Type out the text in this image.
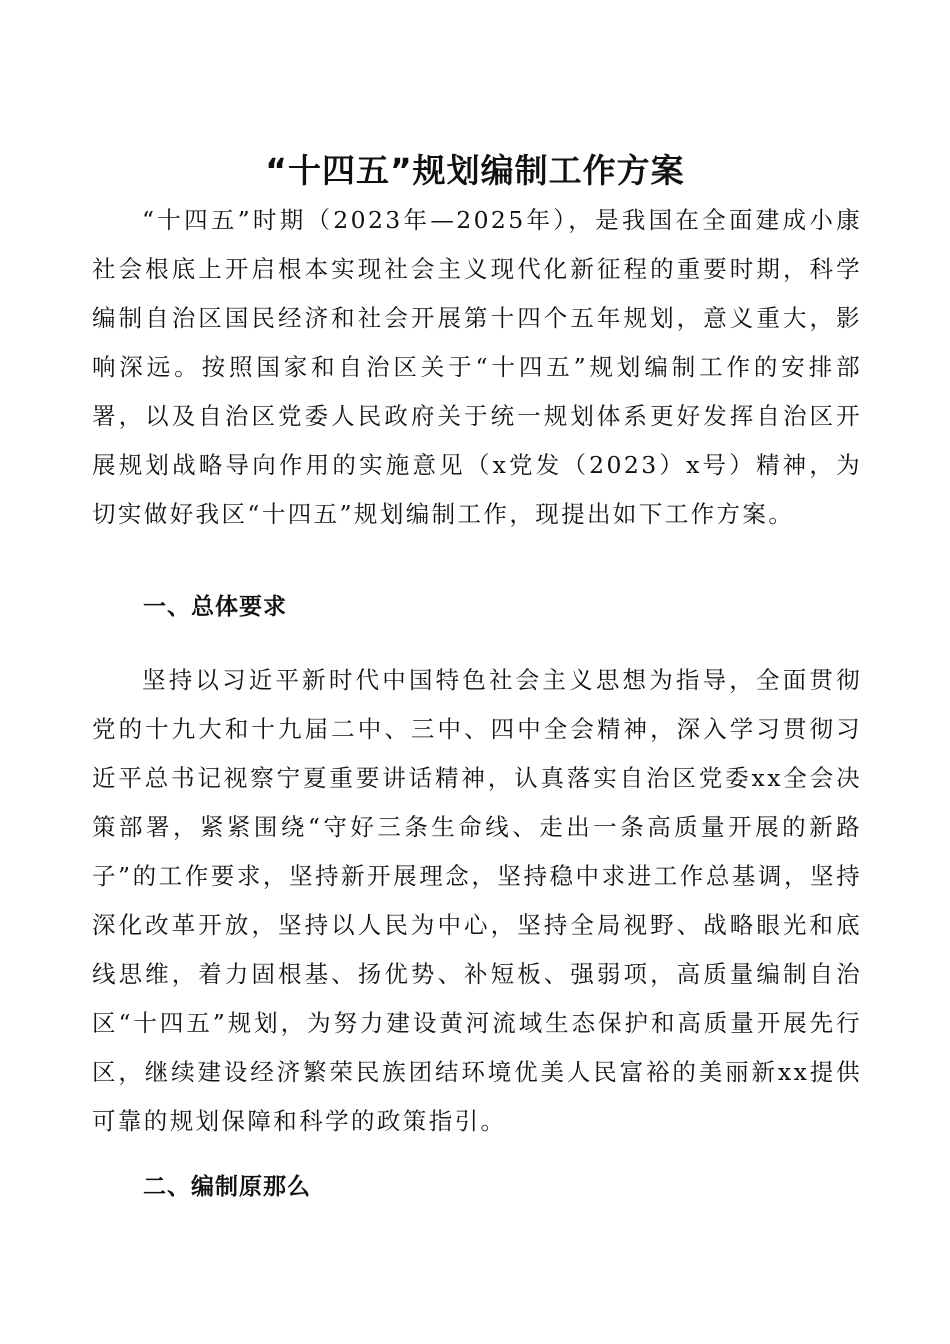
“十四五”规划编制工作方案

“十四五”时期（2023年—2025年），是我国在全面建成小康社会根底上开启根本实现社会主义现代化新征程的重要时期，科学编制自治区国民经济和社会开展第十四个五年规划，意义重大，影响深远。按照国家和自治区关于“十四五”规划编制工作的安排部署，以及自治区党委人民政府关于统一规划体系更好发挥自治区开展规划战略导向作用的实施意见（x党发（2023）x号）精神，为切实做好我区“十四五”规划编制工作，现提出如下工作方案。

一、总体要求

坚持以习近平新时代中国特色社会主义思想为指导，全面贯彻党的十九大和十九届二中、三中、四中全会精神，深入学习贯彻习近平总书记视察宁夏重要讲话精神，认真落实自治区党委xx全会决策部署，紧紧围绕“守好三条生命线、走出一条高质量开展的新路子”的工作要求，坚持新开展理念，坚持稳中求进工作总基调，坚持深化改革开放，坚持以人民为中心，坚持全局视野、战略眼光和底线思维，着力固根基、扬优势、补短板、强弱项，高质量编制自治区“十四五”规划，为努力建设黄河流域生态保护和高质量开展先行区，继续建设经济繁荣民族团结环境优美人民富裕的美丽新xx提供可靠的规划保障和科学的政策指引。

二、编制原那么
